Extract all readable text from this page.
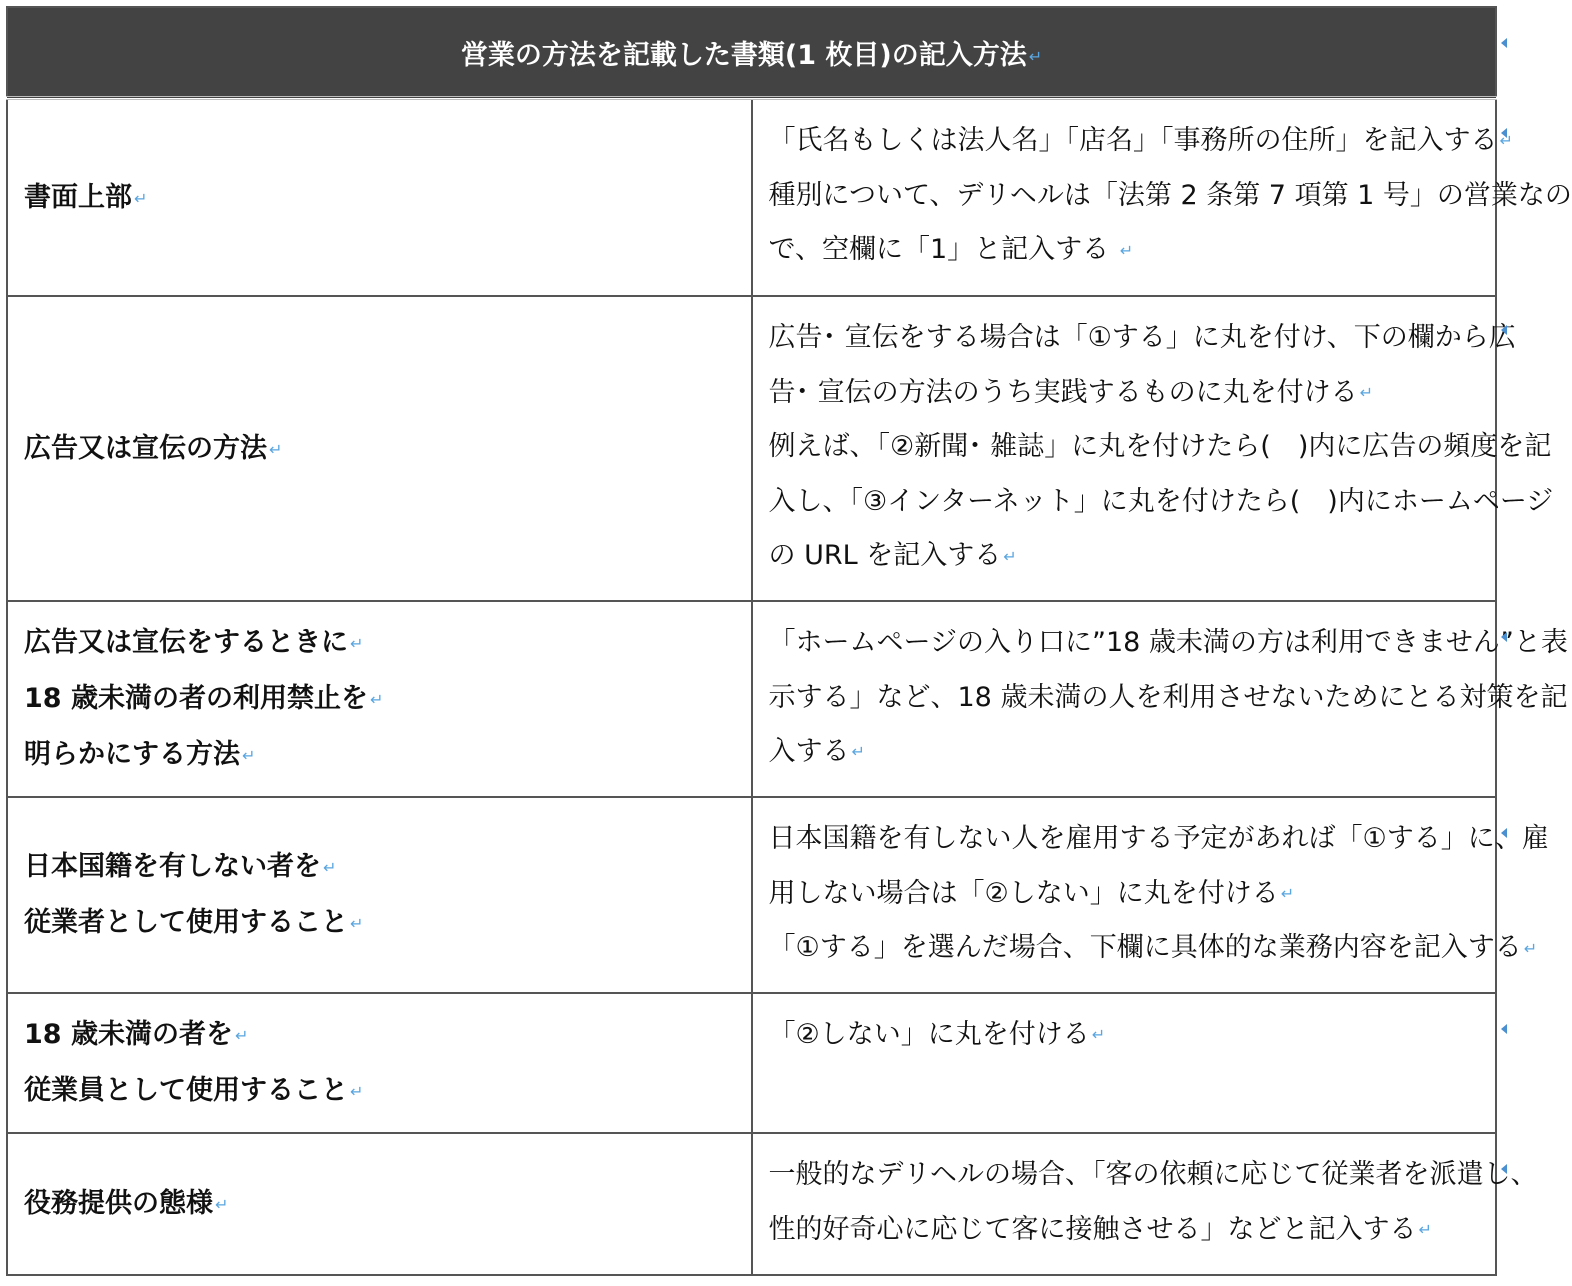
営業の方法を記載した書類(1 枚目)の記入方法 ↵	

書面上部 ↵	「氏名もしくは法人名」「店名」「事務所の住所」を記入する ↵
種別について、デリヘルは「法第 2 条第 7 項第 1 号」の営業なの
で、空欄に「1」と記入する ↵

広告又は宣伝の方法 ↵	広告･ 宣伝をする場合は「①する」に丸を付け、下の欄から広
告･ 宣伝の方法のうち実践するものに丸を付ける ↵
例えば、「②新聞･ 雑誌」に丸を付けたら(　)内に広告の頻度を記
入し、「③インターネット」に丸を付けたら(　)内にホームページ
の URL を記入する ↵

広告又は宣伝をするときに ↵
18 歳未満の者の利用禁止を ↵
明らかにする方法 ↵	「ホームページの入り口に”18 歳未満の方は利用できません”と表
示する」など、18 歳未満の人を利用させないためにとる対策を記
入する ↵

日本国籍を有しない者を ↵
従業者として使用すること ↵	日本国籍を有しない人を雇用する予定があれば「①する」に、雇
用しない場合は「②しない」に丸を付ける ↵
「①する」を選んだ場合、下欄に具体的な業務内容を記入する ↵

18 歳未満の者を ↵
従業員として使用すること ↵	「②しない」に丸を付ける ↵

役務提供の態様 ↵	一般的なデリヘルの場合、「客の依頼に応じて従業者を派遣し、
性的好奇心に応じて客に接触させる」などと記入する ↵
